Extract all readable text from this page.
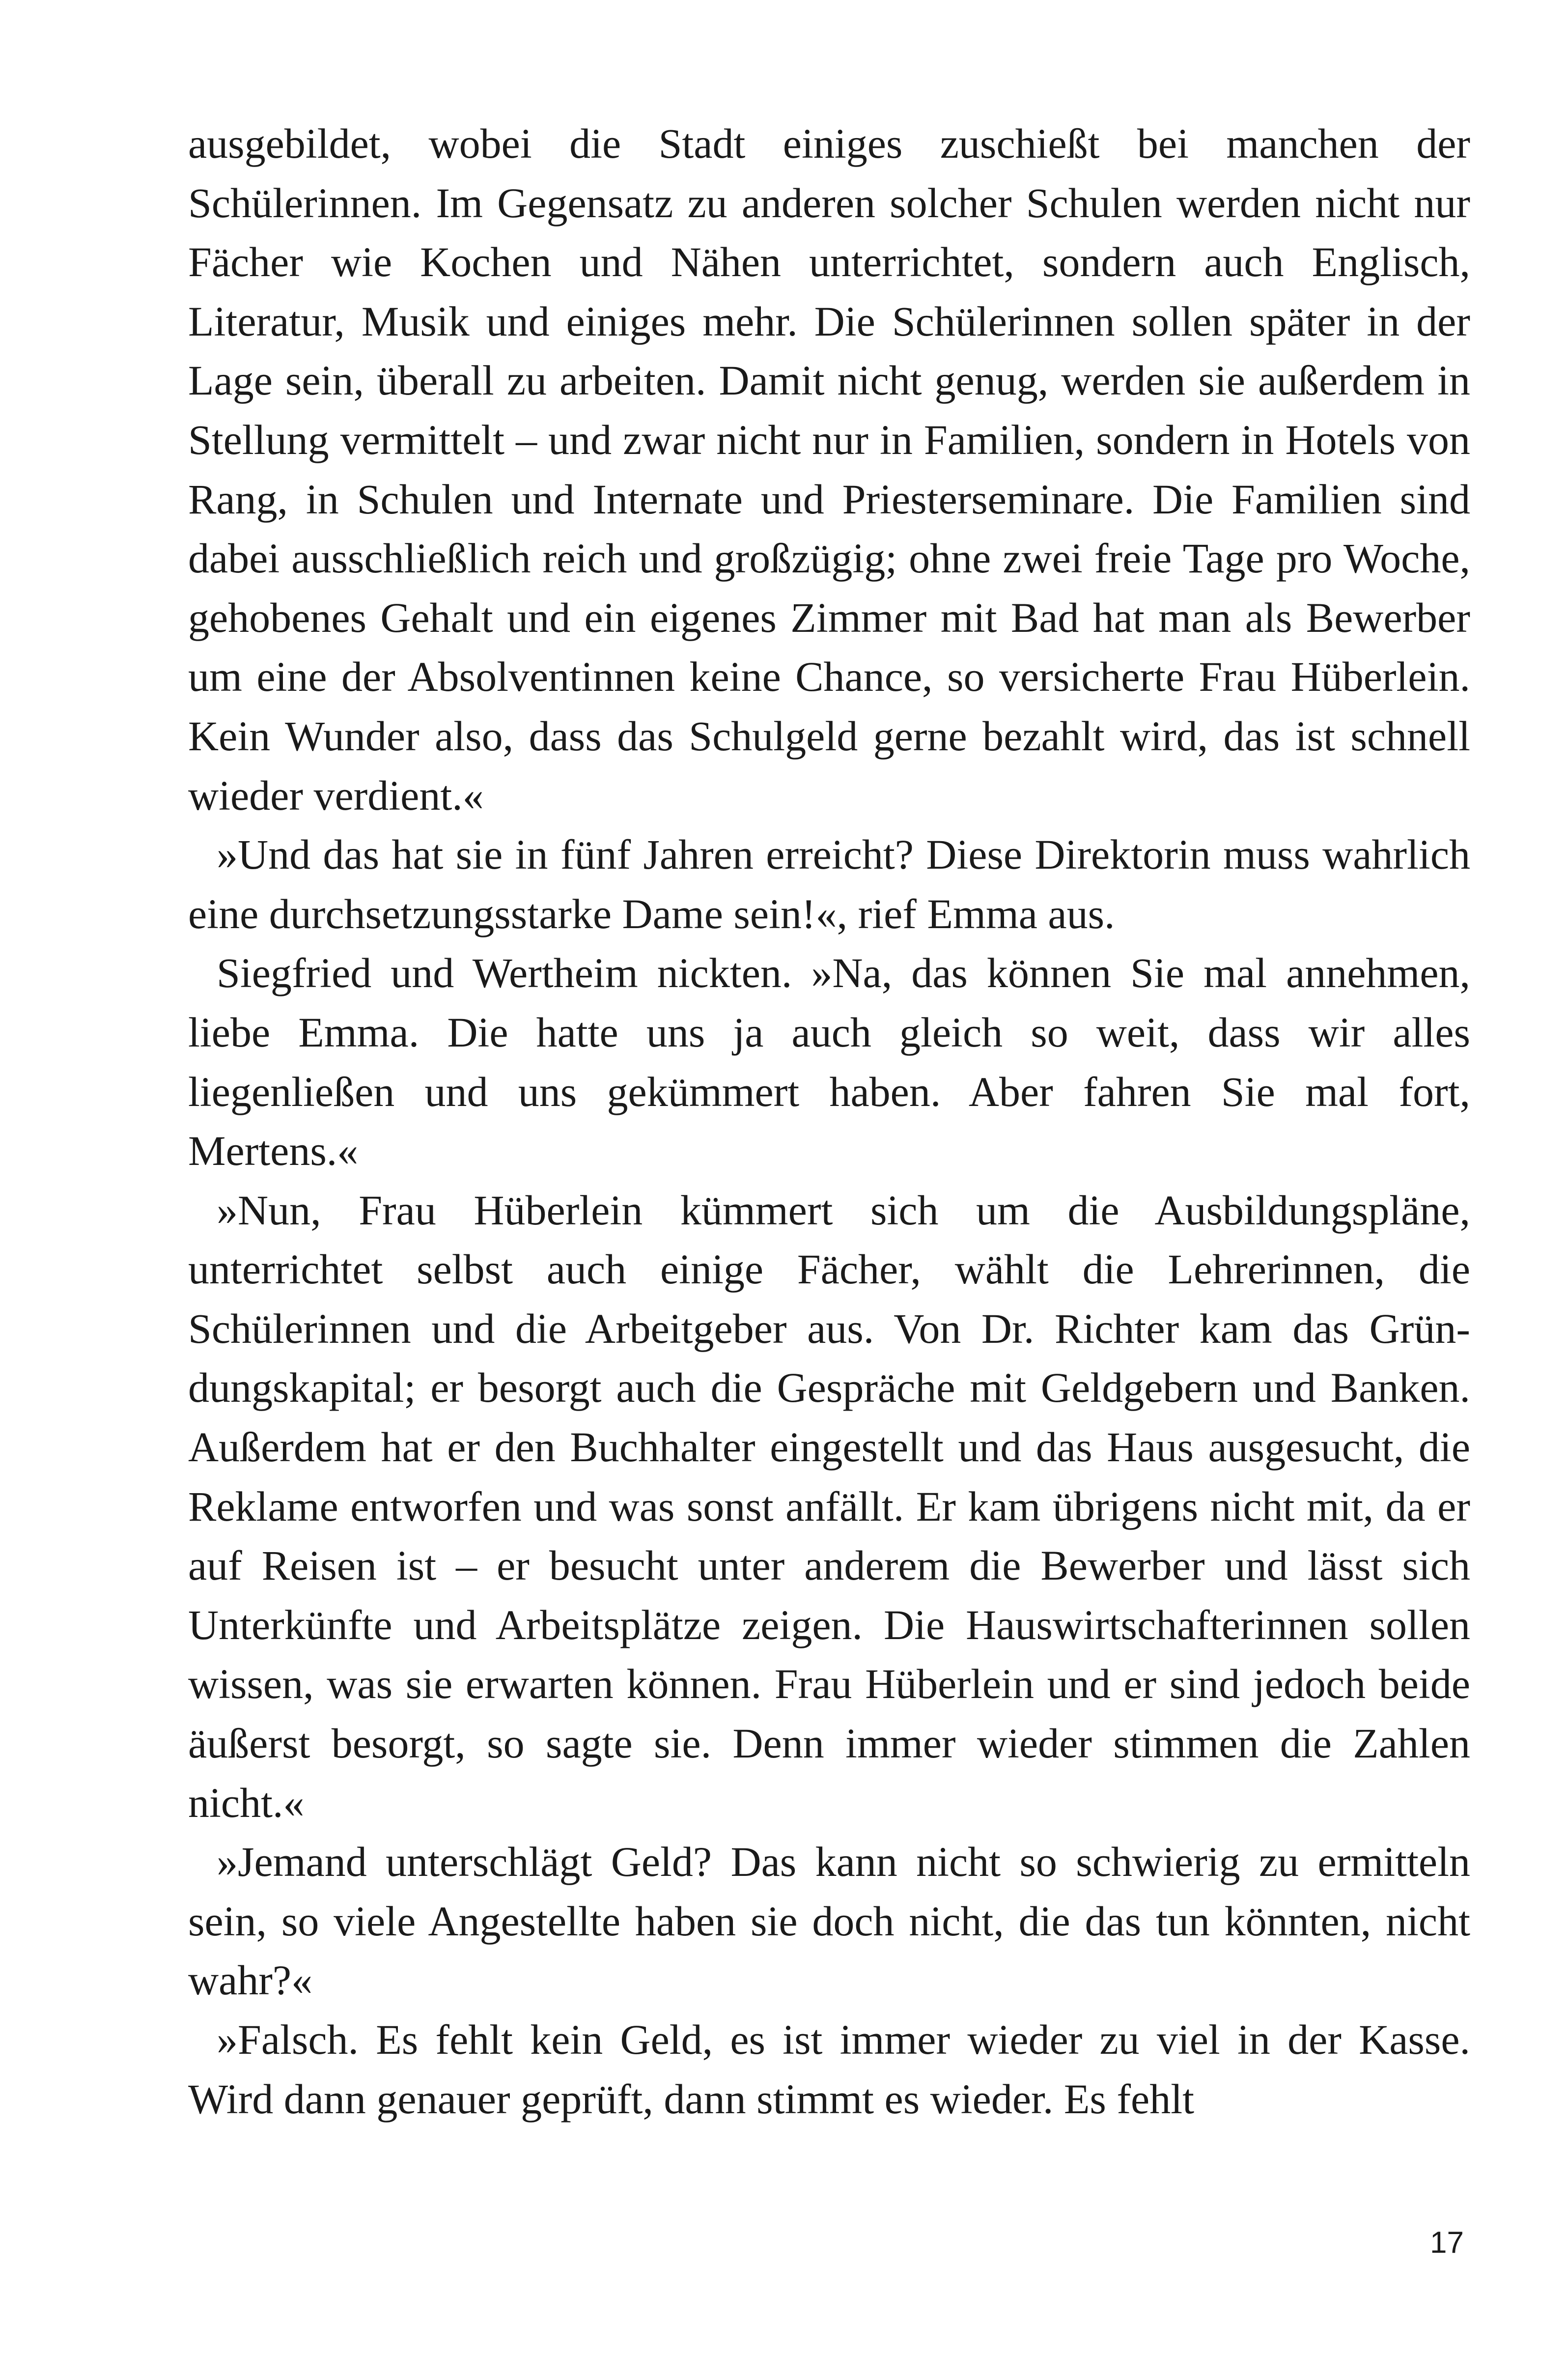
ausgebildet, wobei die Stadt einiges zuschießt bei manchen der Schülerinnen. Im Gegensatz zu anderen solcher Schulen werden nicht nur Fächer wie Kochen und Nähen unterrichtet, sondern auch Englisch, Literatur, Musik und einiges mehr. Die Schülerinnen sollen später in der Lage sein, überall zu arbeiten. Damit nicht genug, werden sie außerdem in Stellung vermittelt – und zwar nicht nur in Familien, sondern in Hotels von Rang, in Schulen und Internate und Priesterseminare. Die Familien sind dabei ausschließlich reich und großzügig; ohne zwei freie Tage pro Woche, gehobenes Gehalt und ein eigenes Zimmer mit Bad hat man als Bewerber um eine der Absolventinnen keine Chance, so versicherte Frau Hüberlein. Kein Wunder also, dass das Schulgeld gerne bezahlt wird, das ist schnell wieder verdient.«

»Und das hat sie in fünf Jahren erreicht? Diese Direktorin muss wahrlich eine durchsetzungsstarke Dame sein!«, rief Emma aus.

Siegfried und Wertheim nickten. »Na, das können Sie mal annehmen, liebe Emma. Die hatte uns ja auch gleich so weit, dass wir alles liegenließen und uns gekümmert haben. Aber fahren Sie mal fort, Mertens.«

»Nun, Frau Hüberlein kümmert sich um die Ausbildungspläne, unterrichtet selbst auch einige Fächer, wählt die Lehrerinnen, die Schülerinnen und die Arbeitgeber aus. Von Dr. Richter kam das Gründungskapital; er besorgt auch die Gespräche mit Geldgebern und Banken. Außerdem hat er den Buchhalter eingestellt und das Haus ausgesucht, die Reklame entworfen und was sonst anfällt. Er kam übrigens nicht mit, da er auf Reisen ist – er besucht unter anderem die Bewerber und lässt sich Unterkünfte und Arbeitsplätze zeigen. Die Hauswirtschafterinnen sollen wissen, was sie erwarten können. Frau Hüberlein und er sind jedoch beide äußerst besorgt, so sagte sie. Denn immer wieder stimmen die Zahlen nicht.«

»Jemand unterschlägt Geld? Das kann nicht so schwierig zu ermitteln sein, so viele Angestellte haben sie doch nicht, die das tun könnten, nicht wahr?«

»Falsch. Es fehlt kein Geld, es ist immer wieder zu viel in der Kasse. Wird dann genauer geprüft, dann stimmt es wieder. Es fehlt

17
